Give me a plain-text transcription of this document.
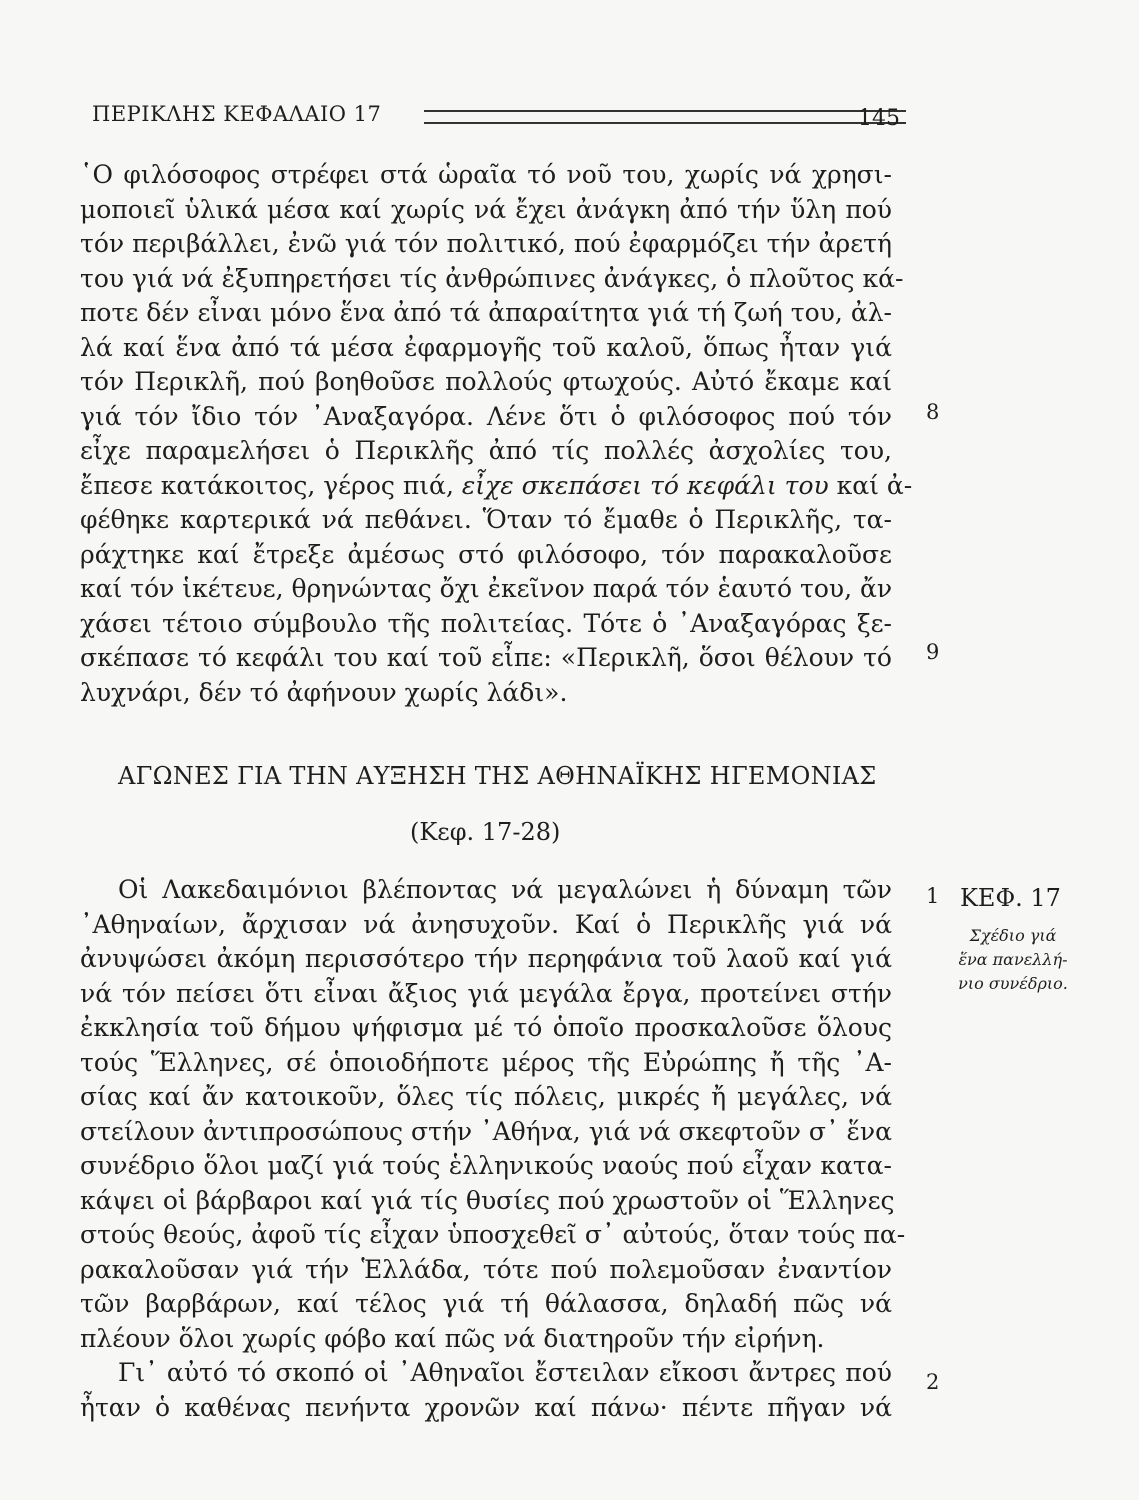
ΠΕΡΙΚΛΗΣ ΚΕΦΑΛΑΙΟ 17	145
῾Ο φιλόσοφος στρέφει στά ὡραῖα τό νοῦ του, χωρίς νά χρησι-
μοποιεῖ ὑλικά μέσα καί χωρίς νά ἔχει ἀνάγκη ἀπό τήν ὕλη πού
τόν περιβάλλει, ἐνῶ γιά τόν πολιτικό, πού ἐφαρμόζει τήν ἀρετή
του γιά νά ἐξυπηρετήσει τίς ἀνθρώπινες ἀνάγκες, ὁ πλοῦτος κά-
ποτε δέν εἶναι μόνο ἕνα ἀπό τά ἀπαραίτητα γιά τή ζωή του, ἀλ-
λά καί ἕνα ἀπό τά μέσα ἐφαρμογῆς τοῦ καλοῦ, ὅπως ἦταν γιά
τόν Περικλῆ, πού βοηθοῦσε πολλούς φτωχούς. Αὐτό ἔκαμε καί
γιά τόν ἴδιο τόν ᾿Αναξαγόρα. Λένε ὅτι ὁ φιλόσοφος πού τόν
εἶχε παραμελήσει ὁ Περικλῆς ἀπό τίς πολλές ἀσχολίες του,
ἔπεσε κατάκοιτος, γέρος πιά, εἶχε σκεπάσει τό κεφάλι του καί ἀ-
φέθηκε καρτερικά νά πεθάνει. Ὅταν τό ἔμαθε ὁ Περικλῆς, τα-
ράχτηκε καί ἔτρεξε ἀμέσως στό φιλόσοφο, τόν παρακαλοῦσε
καί τόν ἱκέτευε, θρηνώντας ὄχι ἐκεῖνον παρά τόν ἑαυτό του, ἄν
χάσει τέτοιο σύμβουλο τῆς πολιτείας. Τότε ὁ ᾿Αναξαγόρας ξε-
σκέπασε τό κεφάλι του καί τοῦ εἶπε: «Περικλῆ, ὅσοι θέλουν τό
λυχνάρι, δέν τό ἀφήνουν χωρίς λάδι».
8
9
ΑΓΩΝΕΣ ΓΙΑ ΤΗΝ ΑΥΞΗΣΗ ΤΗΣ ΑΘΗΝΑΪΚΗΣ ΗΓΕΜΟΝΙΑΣ
(Κεφ. 17-28)
Οἱ Λακεδαιμόνιοι βλέποντας νά μεγαλώνει ἡ δύναμη τῶν
᾿Αθηναίων, ἄρχισαν νά ἀνησυχοῦν. Καί ὁ Περικλῆς γιά νά
ἀνυψώσει ἀκόμη περισσότερο τήν περηφάνια τοῦ λαοῦ καί γιά
νά τόν πείσει ὅτι εἶναι ἄξιος γιά μεγάλα ἔργα, προτείνει στήν
ἐκκλησία τοῦ δήμου ψήφισμα μέ τό ὁποῖο προσκαλοῦσε ὅλους
τούς Ἕλληνες, σέ ὁποιοδήποτε μέρος τῆς Εὐρώπης ἤ τῆς ᾿Α-
σίας καί ἄν κατοικοῦν, ὅλες τίς πόλεις, μικρές ἤ μεγάλες, νά
στείλουν ἀντιπροσώπους στήν ᾿Αθήνα, γιά νά σκεφτοῦν σ᾿ ἕνα
συνέδριο ὅλοι μαζί γιά τούς ἑλληνικούς ναούς πού εἶχαν κατα-
κάψει οἱ βάρβαροι καί γιά τίς θυσίες πού χρωστοῦν οἱ Ἕλληνες
στούς θεούς, ἀφοῦ τίς εἶχαν ὑποσχεθεῖ σ᾿ αὐτούς, ὅταν τούς πα-
ρακαλοῦσαν γιά τήν Ἑλλάδα, τότε πού πολεμοῦσαν ἐναντίον
τῶν βαρβάρων, καί τέλος γιά τή θάλασσα, δηλαδή πῶς νά
πλέουν ὅλοι χωρίς φόβο καί πῶς νά διατηροῦν τήν εἰρήνη.
Γι᾿ αὐτό τό σκοπό οἱ ᾿Αθηναῖοι ἔστειλαν εἴκοσι ἄντρες πού
ἦταν ὁ καθένας πενήντα χρονῶν καί πάνω· πέντε πῆγαν νά
1
2
ΚΕΦ. 17
Σχέδιο γιά
ἕνα πανελλή-
νιο συνέδριο.
